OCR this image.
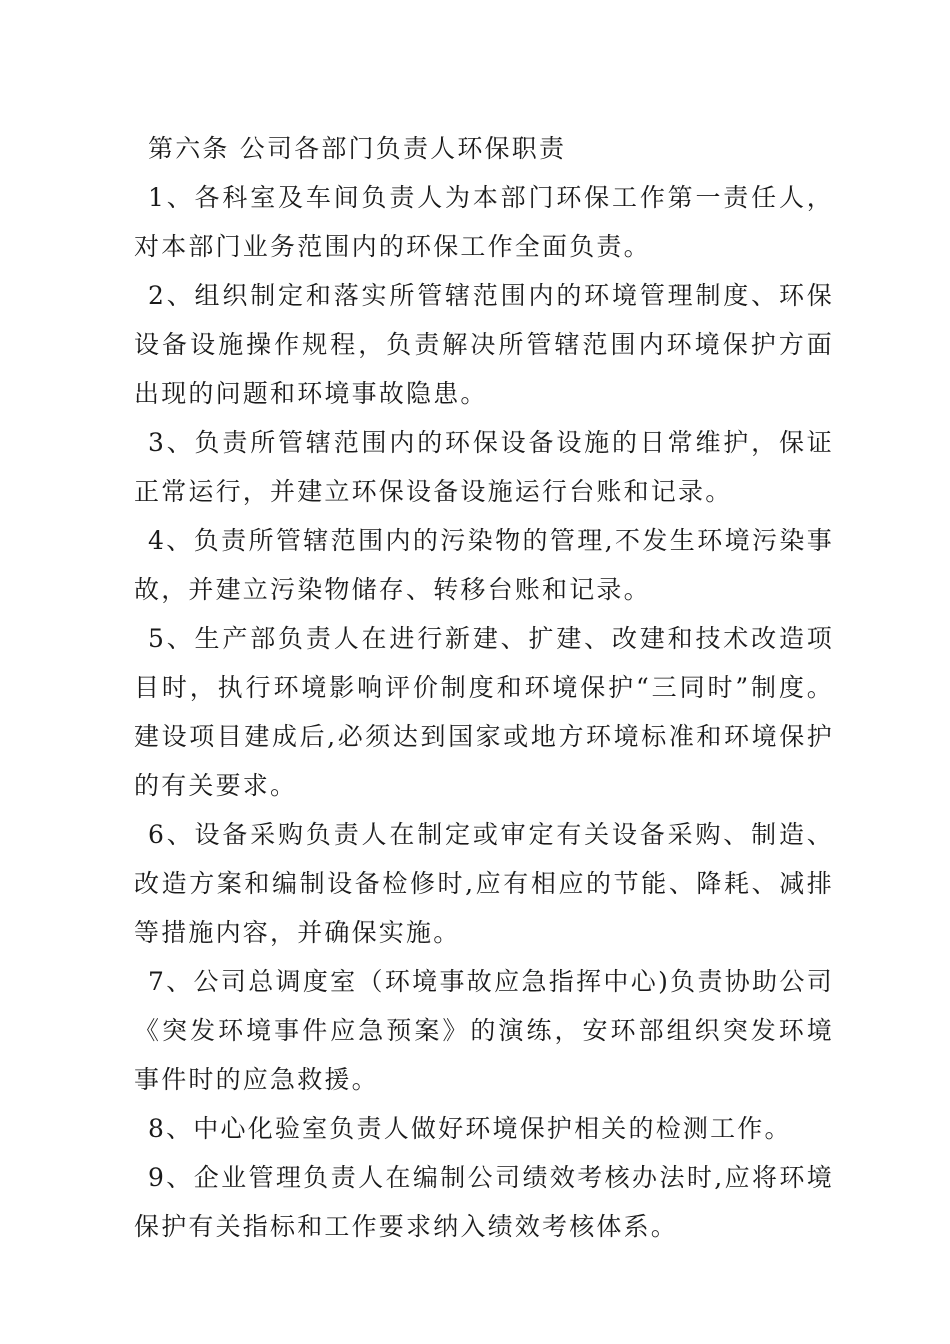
第六条 公司各部门负责人环保职责

1、各科室及车间负责人为本部门环保工作第一责任人，对本部门业务范围内的环保工作全面负责。

2、组织制定和落实所管辖范围内的环境管理制度、环保设备设施操作规程，负责解决所管辖范围内环境保护方面出现的问题和环境事故隐患。

3、负责所管辖范围内的环保设备设施的日常维护，保证正常运行，并建立环保设备设施运行台账和记录。

4、负责所管辖范围内的污染物的管理,不发生环境污染事故，并建立污染物储存、转移台账和记录。

5、生产部负责人在进行新建、扩建、改建和技术改造项目时，执行环境影响评价制度和环境保护“三同时”制度。建设项目建成后,必须达到国家或地方环境标准和环境保护的有关要求。

6、设备采购负责人在制定或审定有关设备采购、制造、改造方案和编制设备检修时,应有相应的节能、降耗、减排等措施内容，并确保实施。

7、公司总调度室（环境事故应急指挥中心)负责协助公司《突发环境事件应急预案》的演练，安环部组织突发环境事件时的应急救援。

8、中心化验室负责人做好环境保护相关的检测工作。

9、企业管理负责人在编制公司绩效考核办法时,应将环境保护有关指标和工作要求纳入绩效考核体系。
